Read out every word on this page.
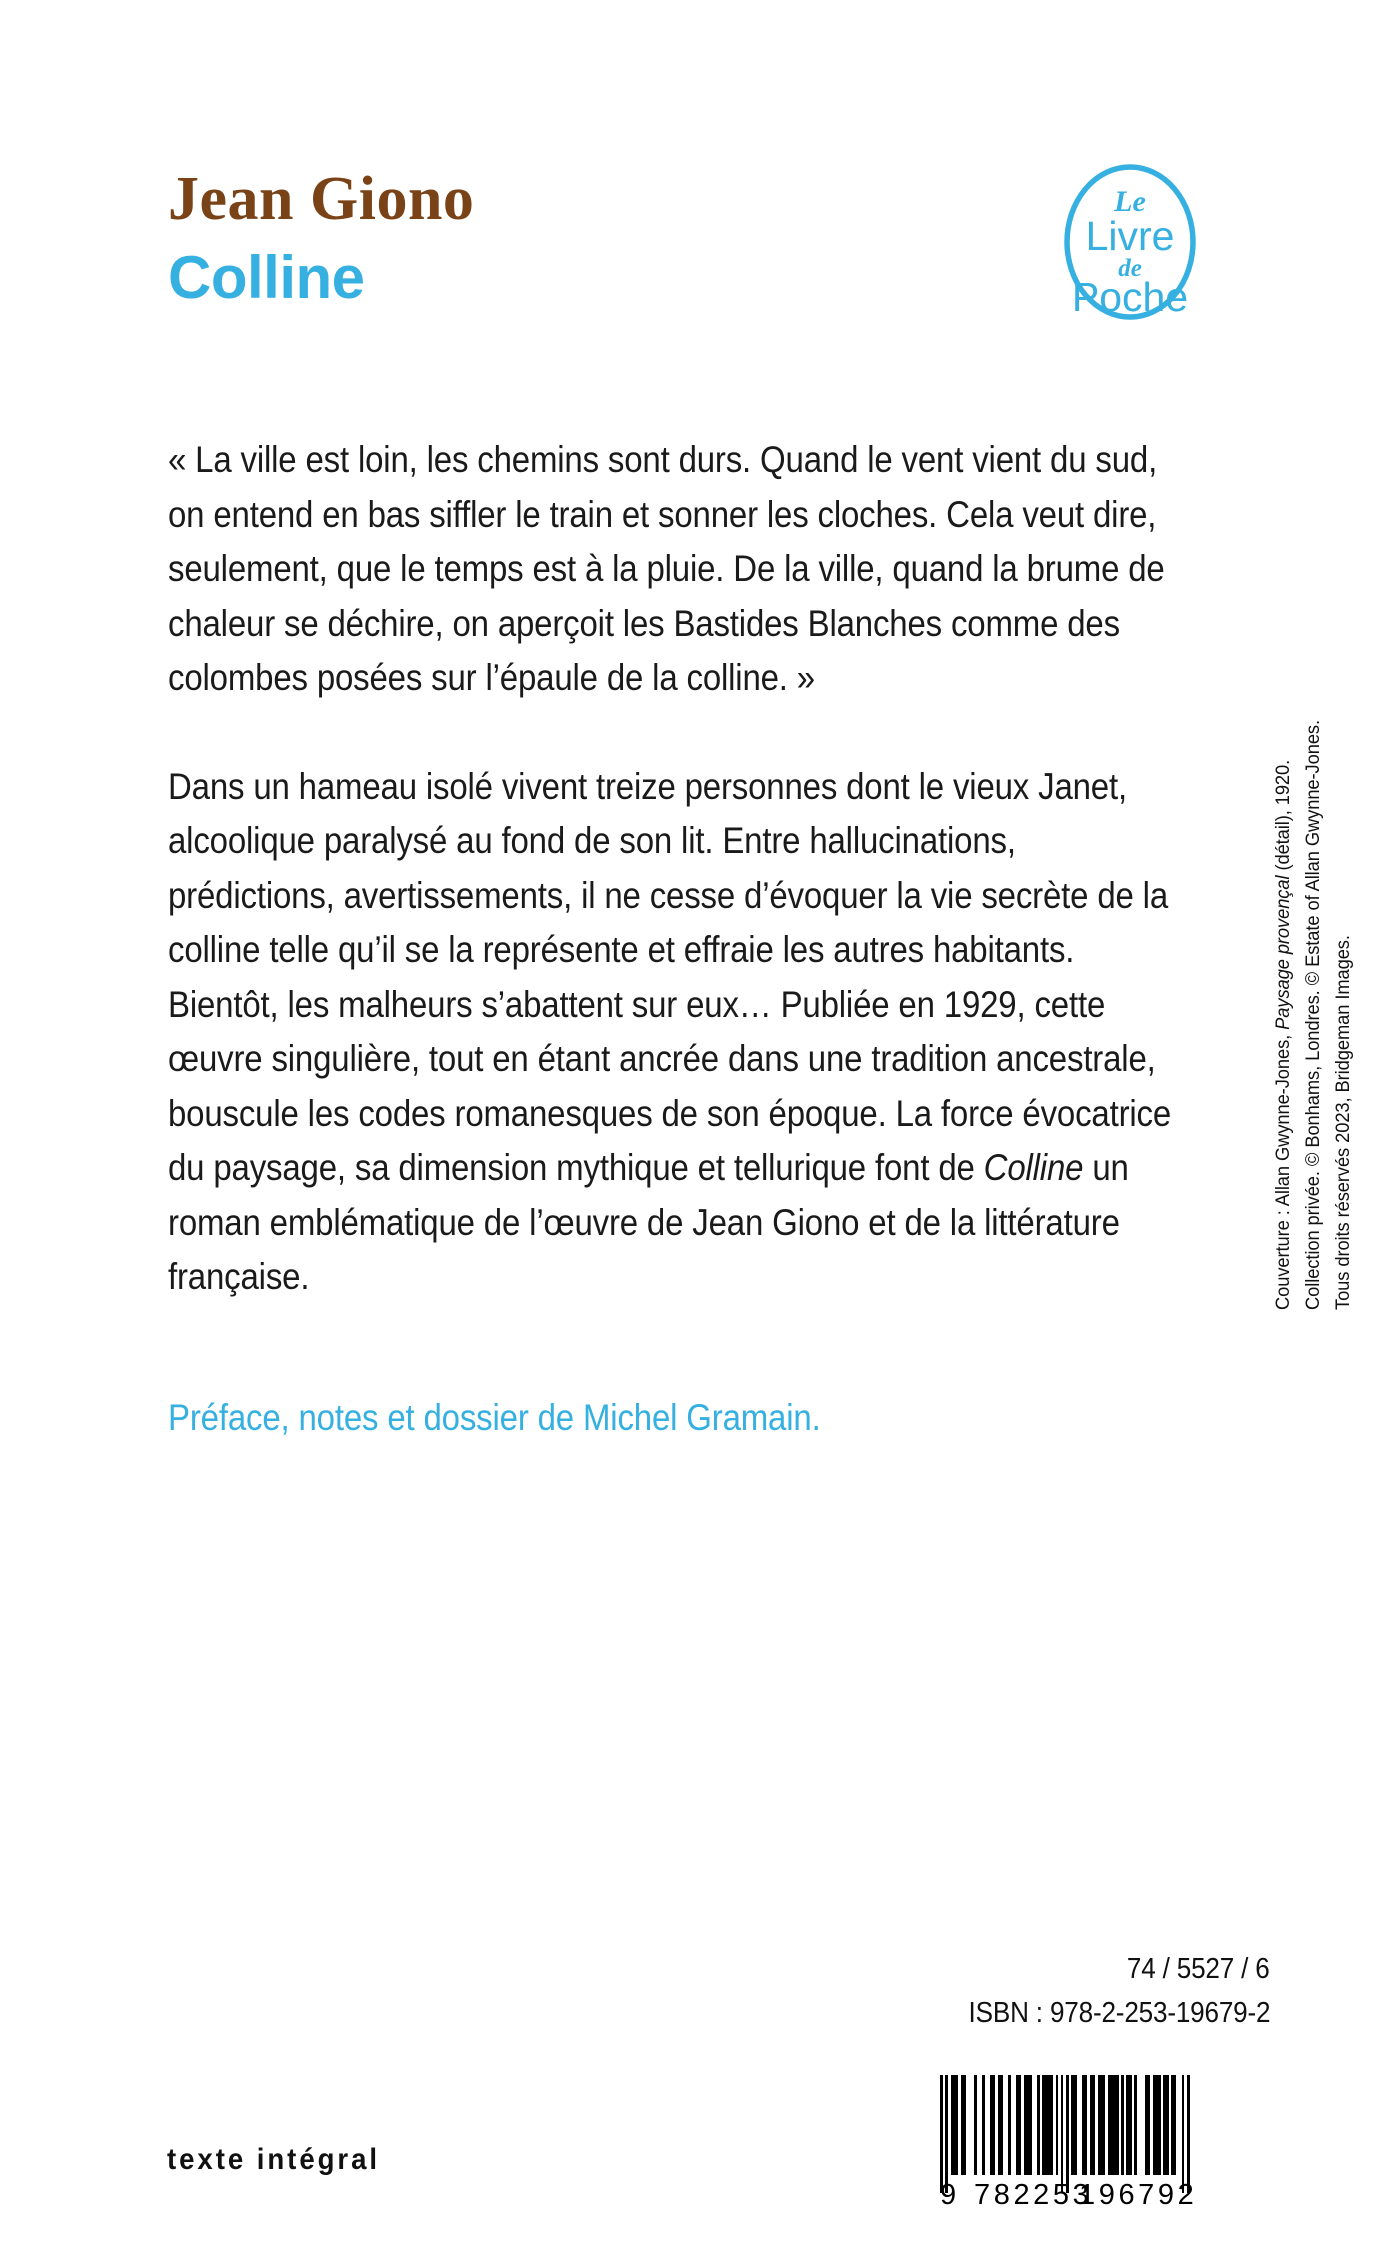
Jean Giono
Colline
Le
Livre
de
Poche

« La ville est loin, les chemins sont durs. Quand le vent vient du sud, on entend en bas siffler le train et sonner les cloches. Cela veut dire, seulement, que le temps est à la pluie. De la ville, quand la brume de chaleur se déchire, on aperçoit les Bastides Blanches comme des colombes posées sur l’épaule de la colline. »

Dans un hameau isolé vivent treize personnes dont le vieux Janet, alcoolique paralysé au fond de son lit. Entre hallucinations, prédictions, avertissements, il ne cesse d’évoquer la vie secrète de la colline telle qu’il se la représente et effraie les autres habitants. Bientôt, les malheurs s’abattent sur eux… Publiée en 1929, cette œuvre singulière, tout en étant ancrée dans une tradition ancestrale, bouscule les codes romanesques de son époque. La force évocatrice du paysage, sa dimension mythique et tellurique font de Colline un roman emblématique de l’œuvre de Jean Giono et de la littérature française.

Préface, notes et dossier de Michel Gramain.

Couverture : Allan Gwynne-Jones, Paysage provençal (détail), 1920. Collection privée. © Bonhams, Londres. © Estate of Allan Gwynne-Jones. Tous droits réservés 2023, Bridgeman Images.
74 / 5527 / 6
ISBN : 978-2-253-19679-2
texte intégral
9 782253
196792
